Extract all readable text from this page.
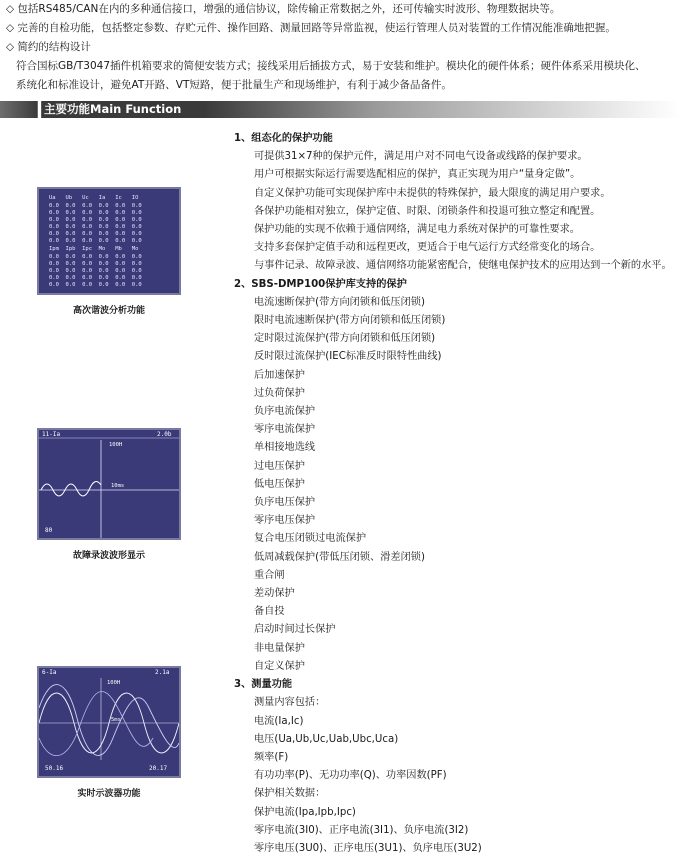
◇ 包括RS485/CAN在内的多种通信接口，增强的通信协议，除传输正常数据之外，还可传输实时波形、物理数据块等。
◇ 完善的自检功能，包括整定参数、存贮元件、操作回路、测量回路等异常监视，使运行管理人员对装置的工作情况能准确地把握。
◇ 简约的结构设计
符合国标GB/T3047插件机箱要求的简便安装方式；接线采用后插拔方式，易于安装和维护。模块化的硬件体系；硬件体系采用模块化、
系统化和标准设计，避免AT开路、VT短路，便于批量生产和现场维护，有利于减少备品备件。
主要功能Main Function
Ua   Ub   Uc   Ia   Ic   IO
0.0  0.0  0.0  0.0  0.0  0.0
0.0  0.0  0.0  0.0  0.0  0.0
0.0  0.0  0.0  0.0  0.0  0.0
0.0  0.0  0.0  0.0  0.0  0.0
0.0  0.0  0.0  0.0  0.0  0.0
0.0  0.0  0.0  0.0  0.0  0.0
Ipm  Ipb  Ipc  Mo   Mb   Mo
0.0  0.0  0.0  0.0  0.0  0.0
0.0  0.0  0.0  0.0  0.0  0.0
0.0  0.0  0.0  0.0  0.0  0.0
0.0  0.0  0.0  0.0  0.0  0.0
0.0  0.0  0.0  0.0  0.0  0.0
高次谐波分析功能
11-Ia	2.0b
100H
10ms
80
故障录波波形显示
6-Ia	2.1a
100H
5ms
50.16	20.17
实时示波器功能
1、组态化的保护功能
可提供31×7种的保护元件，满足用户对不同电气设备或线路的保护要求。
用户可根据实际运行需要选配相应的保护，真正实现为用户“量身定做”。
自定义保护功能可实现保护库中未提供的特殊保护，最大限度的满足用户要求。
各保护功能相对独立，保护定值、时限、闭锁条件和投退可独立整定和配置。
保护功能的实现不依赖于通信网络，满足电力系统对保护的可靠性要求。
支持多套保护定值手动和远程更改，更适合于电气运行方式经常变化的场合。
与事件记录、故障录波、通信网络功能紧密配合，使继电保护技术的应用达到一个新的水平。
2、SBS-DMP100保护库支持的保护
电流速断保护(带方向闭锁和低压闭锁)
限时电流速断保护(带方向闭锁和低压闭锁)
定时限过流保护(带方向闭锁和低压闭锁)
反时限过流保护(IEC标准反时限特性曲线)
后加速保护
过负荷保护
负序电流保护
零序电流保护
单相接地选线
过电压保护
低电压保护
负序电压保护
零序电压保护
复合电压闭锁过电流保护
低周减载保护(带低压闭锁、滑差闭锁)
重合闸
差动保护
备自投
启动时间过长保护
非电量保护
自定义保护
3、测量功能
测量内容包括：
电流(Ia,Ic)
电压(Ua,Ub,Uc,Uab,Ubc,Uca)
频率(F)
有功功率(P)、无功功率(Q)、功率因数(PF)
保护相关数据：
保护电流(Ipa,Ipb,Ipc)
零序电流(3I0)、正序电流(3I1)、负序电流(3I2)
零序电压(3U0)、正序电压(3U1)、负序电压(3U2)
